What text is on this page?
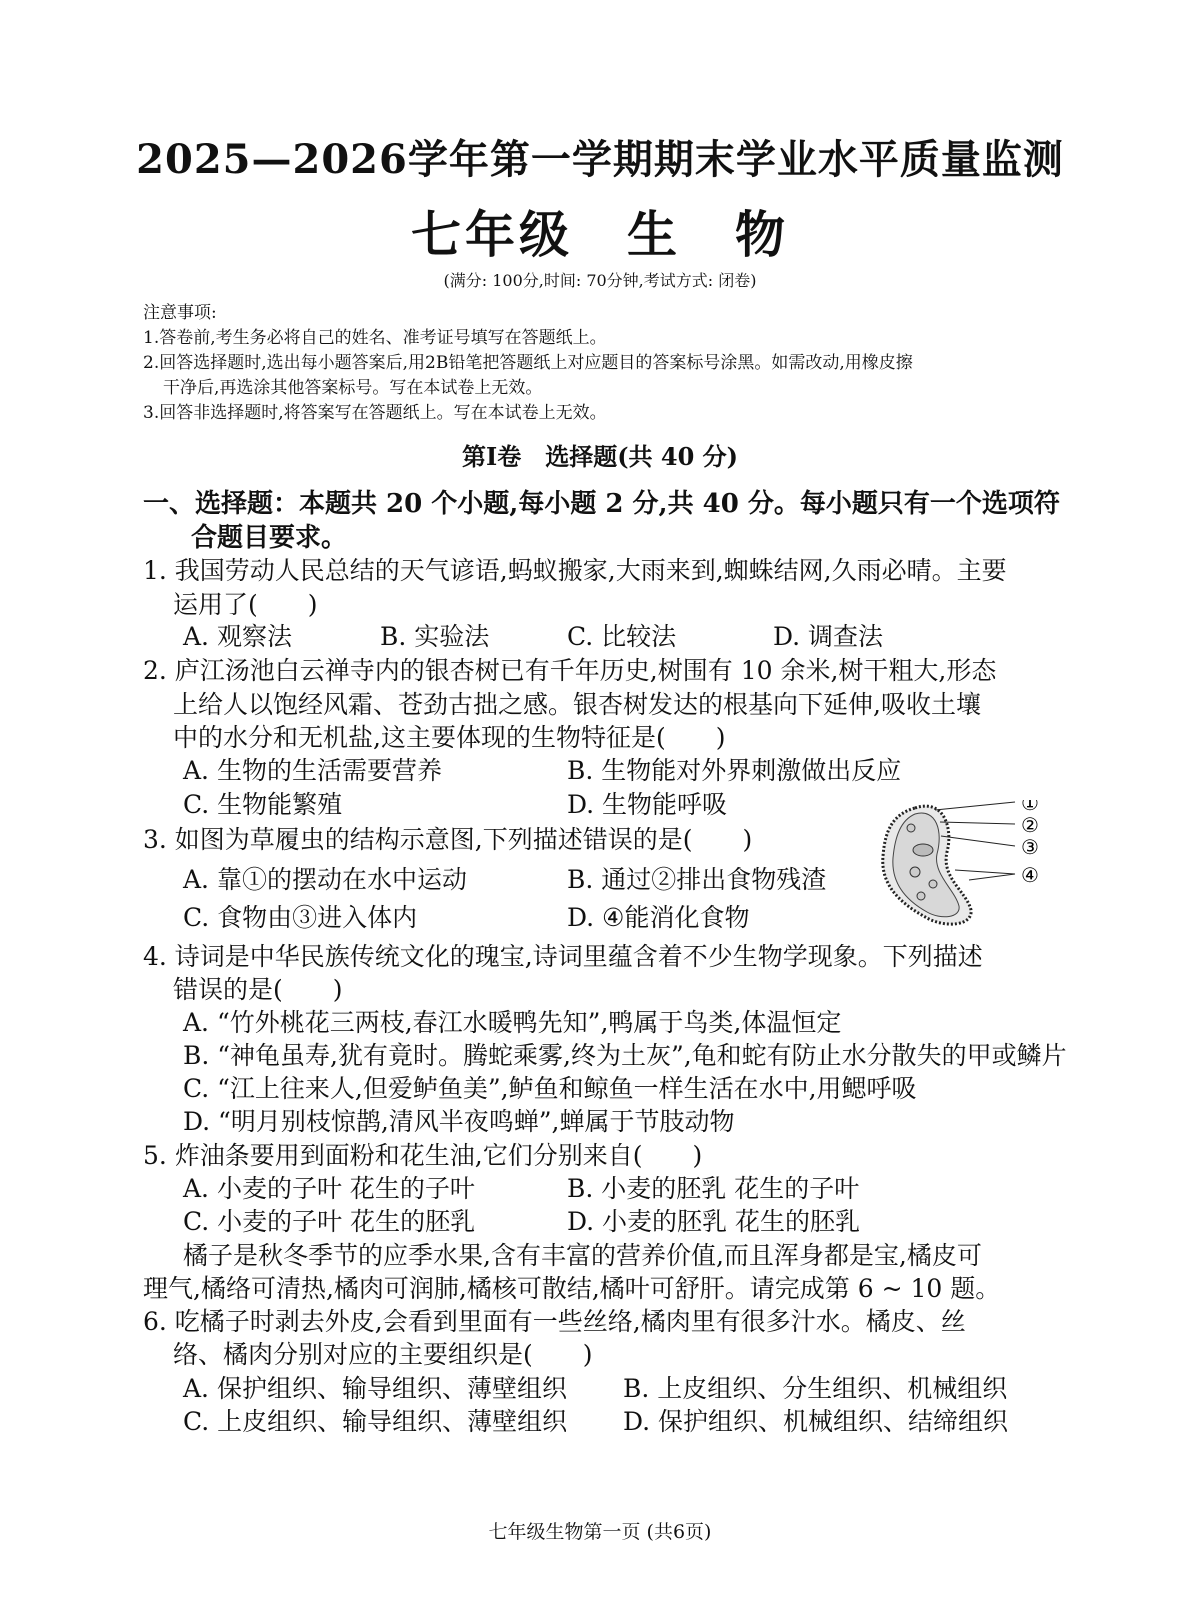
2025—2026学年第一学期期末学业水平质量监测
七年级　生　物
(满分: 100分,时间: 70分钟,考试方式: 闭卷)
注意事项:
1.答卷前,考生务必将自己的姓名、准考证号填写在答题纸上。
2.回答选择题时,选出每小题答案后,用2B铅笔把答题纸上对应题目的答案标号涂黑。如需改动,用橡皮擦
干净后,再选涂其他答案标号。写在本试卷上无效。
3.回答非选择题时,将答案写在答题纸上。写在本试卷上无效。
第I卷　选择题(共 40 分)
一、选择题：本题共 20 个小题,每小题 2 分,共 40 分。每小题只有一个选项符
合题目要求。
1. 我国劳动人民总结的天气谚语,蚂蚁搬家,大雨来到,蜘蛛结网,久雨必晴。主要
运用了(　　)
A. 观察法	B. 实验法	C. 比较法	D. 调查法
2. 庐江汤池白云禅寺内的银杏树已有千年历史,树围有 10 余米,树干粗大,形态
上给人以饱经风霜、苍劲古拙之感。银杏树发达的根基向下延伸,吸收土壤
中的水分和无机盐,这主要体现的生物特征是(　　)
A. 生物的生活需要营养	B. 生物能对外界刺激做出反应
C. 生物能繁殖	D. 生物能呼吸
3. 如图为草履虫的结构示意图,下列描述错误的是(　　)
A. 靠①的摆动在水中运动	B. 通过②排出食物残渣
C. 食物由③进入体内	D. ④能消化食物
①
②
③
④
4. 诗词是中华民族传统文化的瑰宝,诗词里蕴含着不少生物学现象。下列描述
错误的是(　　)
A. “竹外桃花三两枝,春江水暖鸭先知”,鸭属于鸟类,体温恒定
B. “神龟虽寿,犹有竟时。腾蛇乘雾,终为土灰”,龟和蛇有防止水分散失的甲或鳞片
C. “江上往来人,但爱鲈鱼美”,鲈鱼和鲸鱼一样生活在水中,用鳃呼吸
D. “明月别枝惊鹊,清风半夜鸣蝉”,蝉属于节肢动物
5. 炸油条要用到面粉和花生油,它们分别来自(　　)
A. 小麦的子叶 花生的子叶	B. 小麦的胚乳 花生的子叶
C. 小麦的子叶 花生的胚乳	D. 小麦的胚乳 花生的胚乳
橘子是秋冬季节的应季水果,含有丰富的营养价值,而且浑身都是宝,橘皮可
理气,橘络可清热,橘肉可润肺,橘核可散结,橘叶可舒肝。请完成第 6 ~ 10 题。
6. 吃橘子时剥去外皮,会看到里面有一些丝络,橘肉里有很多汁水。橘皮、丝
络、橘肉分别对应的主要组织是(　　)
A. 保护组织、输导组织、薄壁组织 B. 上皮组织、分生组织、机械组织
C. 上皮组织、输导组织、薄壁组织 D. 保护组织、机械组织、结缔组织
七年级生物第一页 (共6页)
